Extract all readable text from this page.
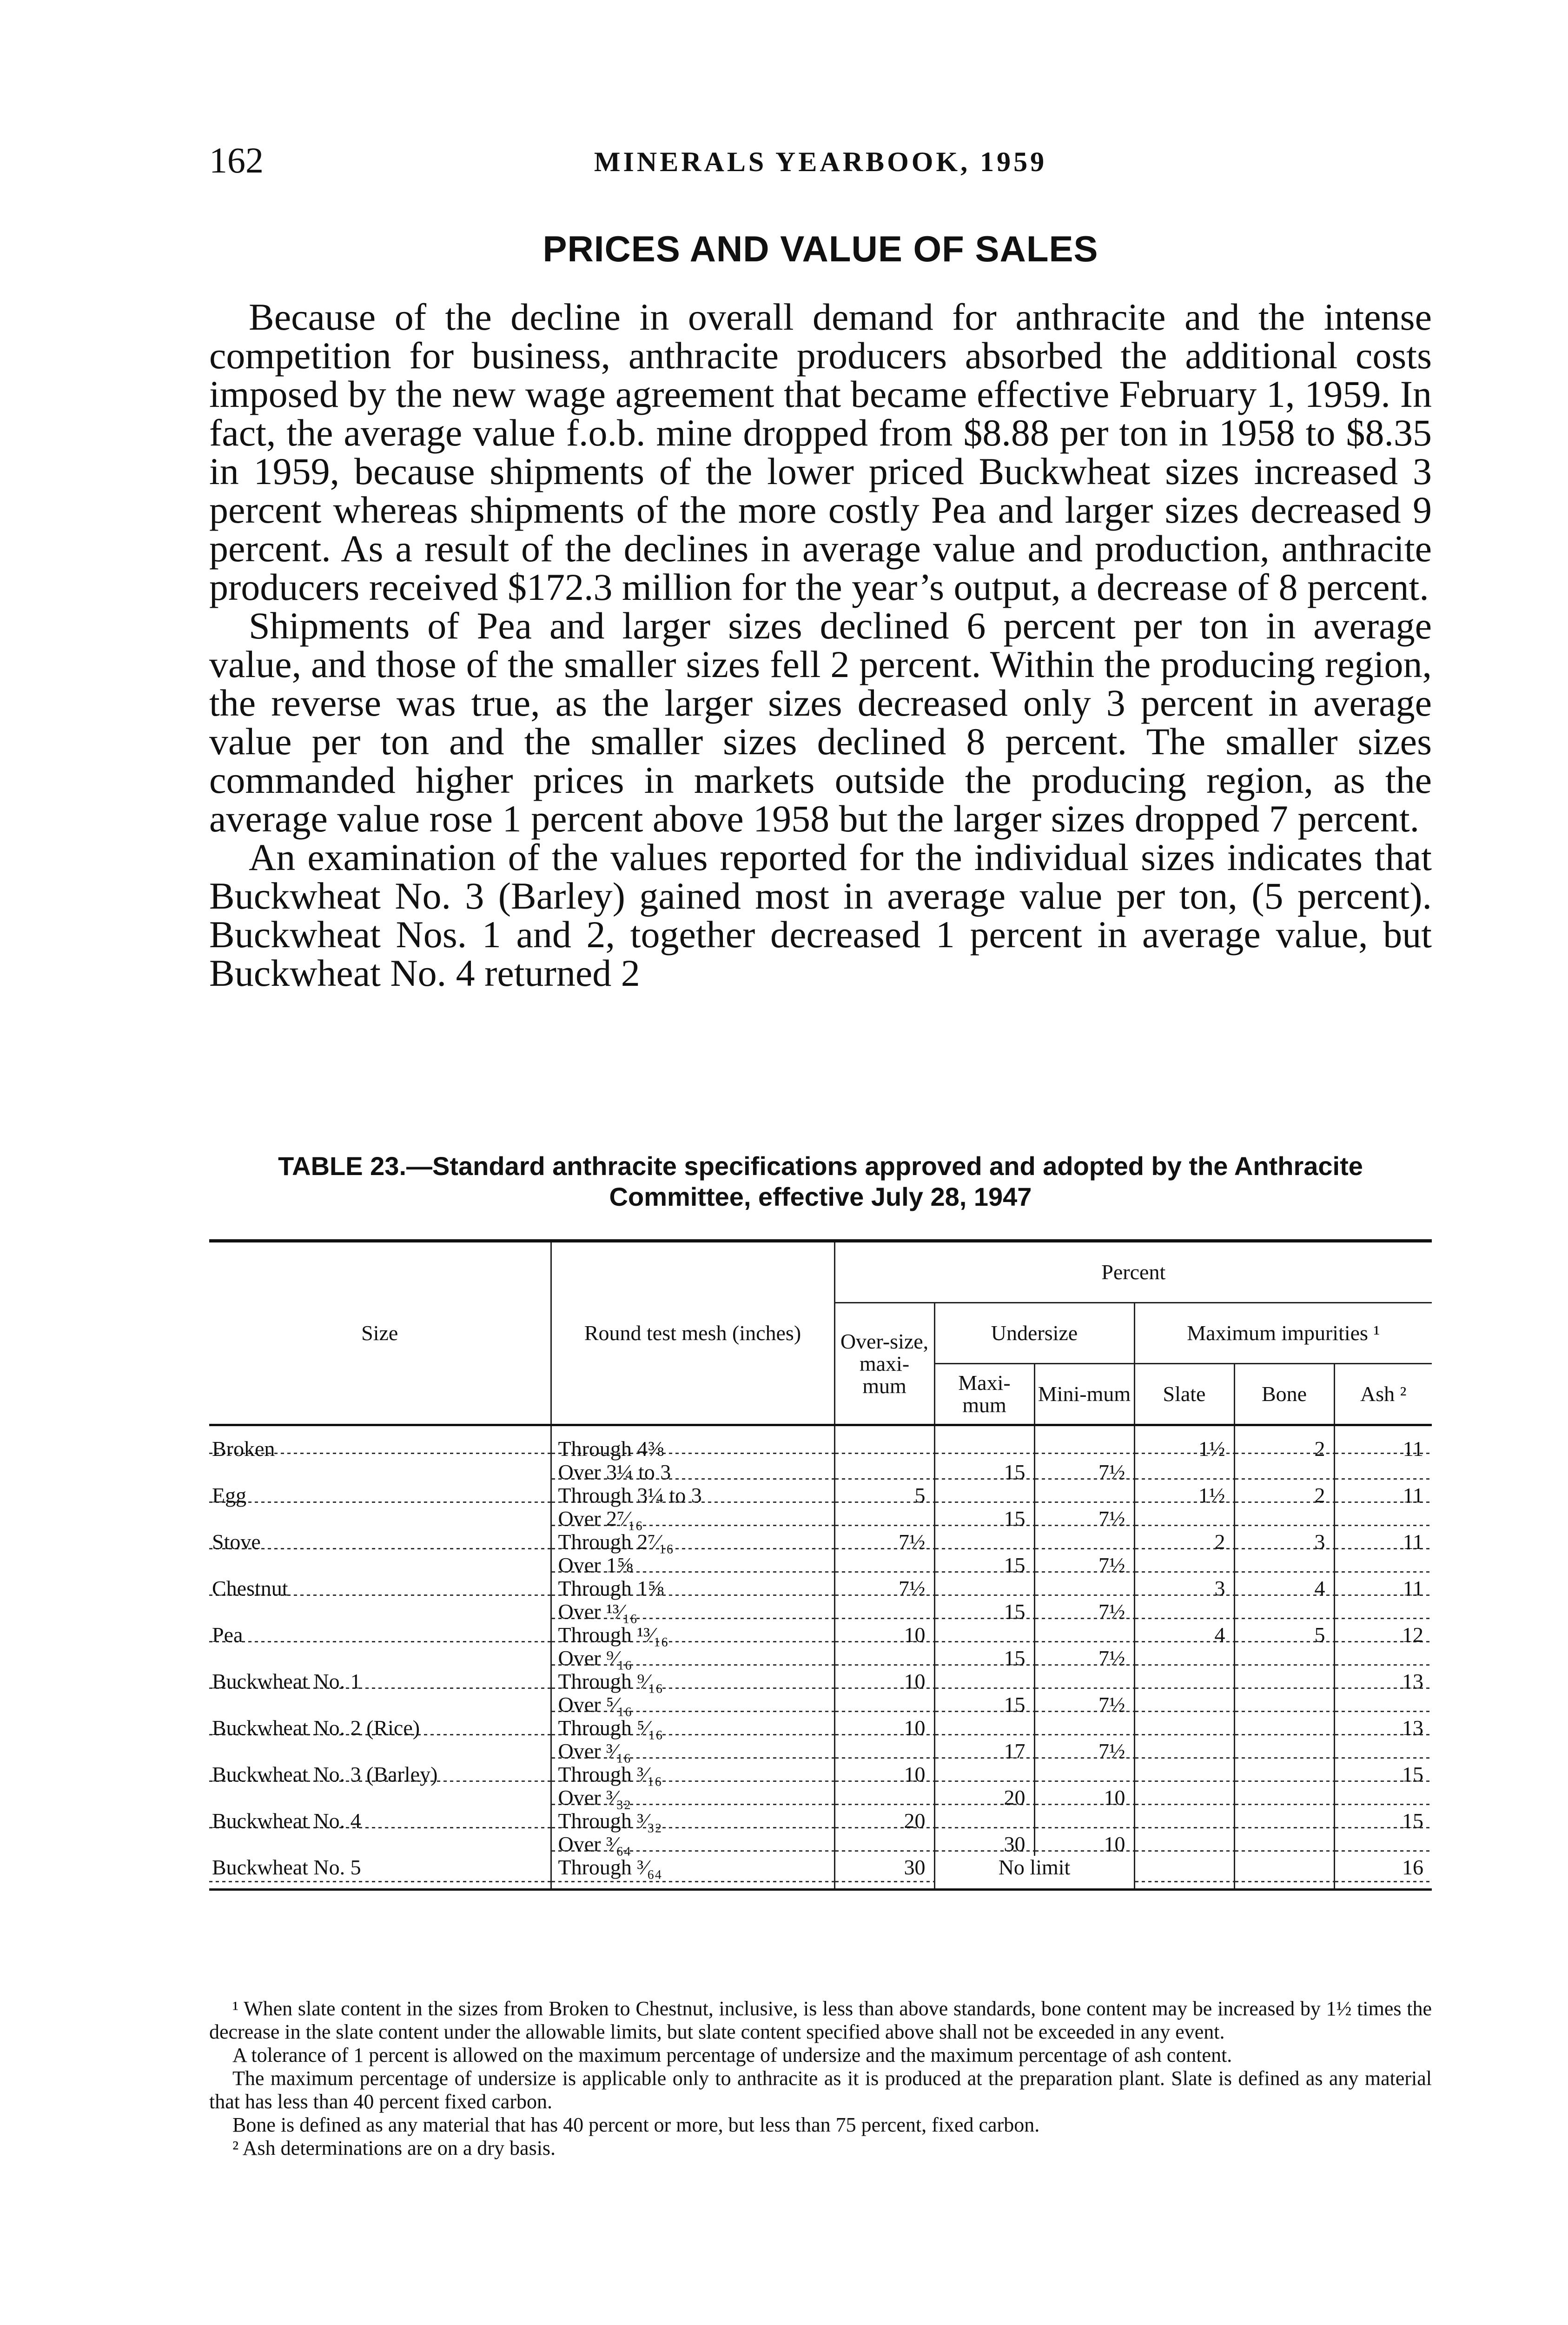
162	MINERALS YEARBOOK, 1959
PRICES AND VALUE OF SALES

Because of the decline in overall demand for anthracite and the intense competition for business, anthracite producers absorbed the additional costs imposed by the new wage agreement that became effective February 1, 1959. In fact, the average value f.o.b. mine dropped from $8.88 per ton in 1958 to $8.35 in 1959, because shipments of the lower priced Buckwheat sizes increased 3 percent whereas shipments of the more costly Pea and larger sizes decreased 9 percent. As a result of the declines in average value and production, anthracite producers received $172.3 million for the year’s output, a decrease of 8 percent.

Shipments of Pea and larger sizes declined 6 percent per ton in average value, and those of the smaller sizes fell 2 percent. Within the producing region, the reverse was true, as the larger sizes decreased only 3 percent in average value per ton and the smaller sizes declined 8 percent. The smaller sizes commanded higher prices in markets outside the producing region, as the average value rose 1 percent above 1958 but the larger sizes dropped 7 percent.

An examination of the values reported for the individual sizes indicates that Buckwheat No. 3 (Barley) gained most in average value per ton, (5 percent). Buckwheat Nos. 1 and 2, together decreased 1 percent in average value, but Buckwheat No. 4 returned 2

TABLE 23.—Standard anthracite specifications approved and adopted by the Anthracite Committee, effective July 28, 1947

Size	Round test mesh (inches)	Percent					
		Over-size, maxi-mum	Undersize		Maximum impurities ¹		
			Maxi-mum	Mini-mum	Slate	Bone	Ash ²
Broken	Through 4⅜				1½	2	11
	Over 3¼ to 3		15	7½			
Egg	Through 3¼ to 3	5			1½	2	11
	Over 2⁷⁄₁₆		15	7½			
Stove	Through 2⁷⁄₁₆	7½			2	3	11
	Over 1⅝		15	7½			
Chestnut	Through 1⅝	7½			3	4	11
	Over ¹³⁄₁₆		15	7½			
Pea	Through ¹³⁄₁₆	10			4	5	12
	Over ⁹⁄₁₆		15	7½			
Buckwheat No. 1	Through ⁹⁄₁₆	10					13
	Over ⁵⁄₁₆		15	7½			
Buckwheat No. 2 (Rice)	Through ⁵⁄₁₆	10					13
	Over ³⁄₁₆		17	7½			
Buckwheat No. 3 (Barley)	Through ³⁄₁₆	10					15
	Over ³⁄₃₂		20	10			
Buckwheat No. 4	Through ³⁄₃₂	20					15
	Over ³⁄₆₄		30	10			
Buckwheat No. 5	Through ³⁄₆₄	30	No limit				16

¹ When slate content in the sizes from Broken to Chestnut, inclusive, is less than above standards, bone content may be increased by 1½ times the decrease in the slate content under the allowable limits, but slate content specified above shall not be exceeded in any event.

A tolerance of 1 percent is allowed on the maximum percentage of undersize and the maximum percentage of ash content.

The maximum percentage of undersize is applicable only to anthracite as it is produced at the preparation plant. Slate is defined as any material that has less than 40 percent fixed carbon.

Bone is defined as any material that has 40 percent or more, but less than 75 percent, fixed carbon.

² Ash determinations are on a dry basis.
